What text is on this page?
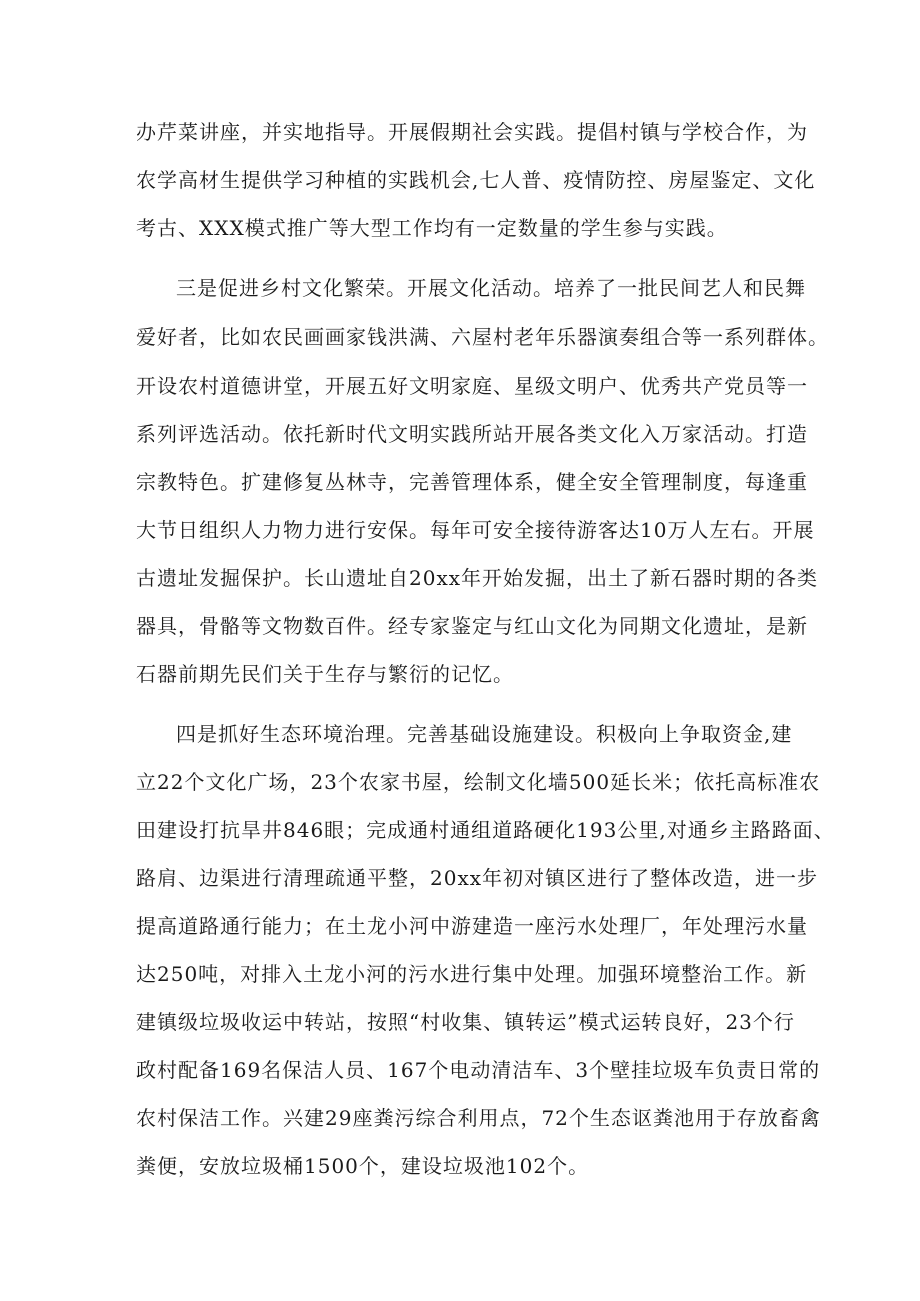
办芹菜讲座，并实地指导。开展假期社会实践。提倡村镇与学校合作，为
农学高材生提供学习种植的实践机会,七人普、疫情防控、房屋鉴定、文化
考古、XXX模式推广等大型工作均有一定数量的学生参与实践。
三是促进乡村文化繁荣。开展文化活动。培养了一批民间艺人和民舞
爱好者，比如农民画画家钱洪满、六屋村老年乐器演奏组合等一系列群体。
开设农村道德讲堂，开展五好文明家庭、星级文明户、优秀共产党员等一
系列评选活动。依托新时代文明实践所站开展各类文化入万家活动。打造
宗教特色。扩建修复丛林寺，完善管理体系，健全安全管理制度，每逢重
大节日组织人力物力进行安保。每年可安全接待游客达10万人左右。开展
古遗址发掘保护。长山遗址自20xx年开始发掘，出土了新石器时期的各类
器具，骨骼等文物数百件。经专家鉴定与红山文化为同期文化遗址，是新
石器前期先民们关于生存与繁衍的记忆。
四是抓好生态环境治理。完善基础设施建设。积极向上争取资金,建
立22个文化广场，23个农家书屋，绘制文化墙500延长米；依托高标准农
田建设打抗旱井846眼；完成通村通组道路硬化193公里,对通乡主路路面、
路肩、边渠进行清理疏通平整，20xx年初对镇区进行了整体改造，进一步
提高道路通行能力；在土龙小河中游建造一座污水处理厂，年处理污水量
达250吨，对排入土龙小河的污水进行集中处理。加强环境整治工作。新
建镇级垃圾收运中转站，按照“村收集、镇转运”模式运转良好，23个行
政村配备169名保洁人员、167个电动清洁车、3个壁挂垃圾车负责日常的
农村保洁工作。兴建29座粪污综合利用点，72个生态讴粪池用于存放畜禽
粪便，安放垃圾桶1500个，建设垃圾池102个。
